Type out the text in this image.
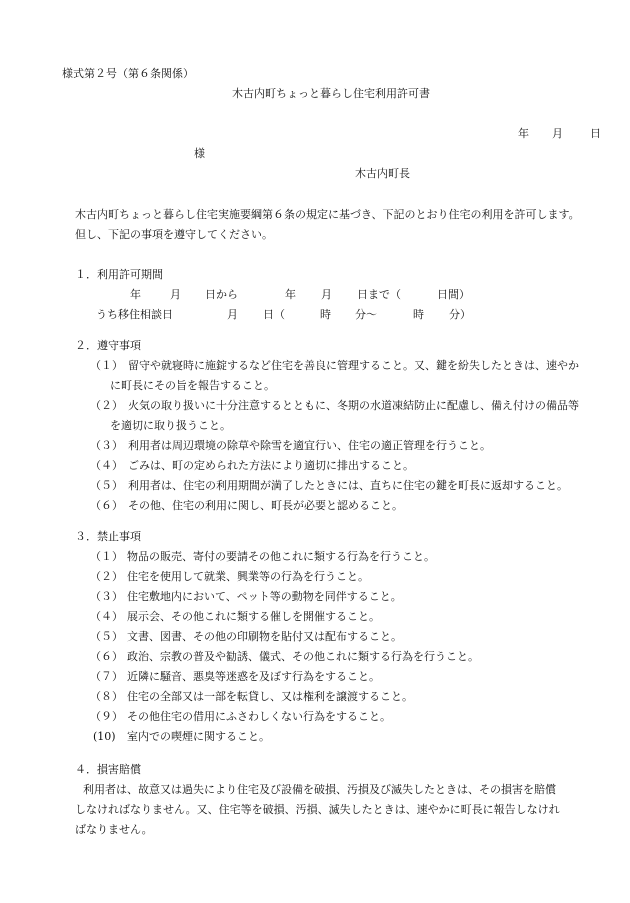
様式第２号（第６条関係）
木古内町ちょっと暮らし住宅利用許可書
年 月 日
様
木古内町長
木古内町ちょっと暮らし住宅実施要綱第６条の規定に基づき、下記のとおり住宅の利用を許可します。
但し、下記の事項を遵守してください。
１．利用許可期間
年	月 日から	年 月 日まで（	日間）
うち移住相談日	月 日（	時 分～	時 分）
２．遵守事項
（１） 留守や就寝時に施錠するなど住宅を善良に管理すること。又、鍵を紛失したときは、速やか
に町長にその旨を報告すること。
（２） 火気の取り扱いに十分注意するとともに、冬期の水道凍結防止に配慮し、備え付けの備品等
を適切に取り扱うこと。
（３） 利用者は周辺環境の除草や除雪を適宜行い、住宅の適正管理を行うこと。
（４） ごみは、町の定められた方法により適切に排出すること。
（５） 利用者は、住宅の利用期間が満了したときには、直ちに住宅の鍵を町長に返却すること。
（６） その他、住宅の利用に関し、町長が必要と認めること。
３．禁止事項
（１） 物品の販売、寄付の要請その他これに類する行為を行うこと。
（２） 住宅を使用して就業、興業等の行為を行うこと。
（３） 住宅敷地内において、ペット等の動物を同伴すること。
（４） 展示会、その他これに類する催しを開催すること。
（５） 文書、図書、その他の印刷物を貼付又は配布すること。
（６） 政治、宗教の普及や勧誘、儀式、その他これに類する行為を行うこと。
（７） 近隣に騒音、悪臭等迷惑を及ぼす行為をすること。
（８） 住宅の全部又は一部を転貸し、又は権利を譲渡すること。
（９） その他住宅の借用にふさわしくない行為をすること。
(10) 室内での喫煙に関すること。
４．損害賠償
利用者は、故意又は過失により住宅及び設備を破損、汚損及び滅失したときは、その損害を賠償
しなければなりません。又、住宅等を破損、汚損、滅失したときは、速やかに町長に報告しなけれ
ばなりません。
